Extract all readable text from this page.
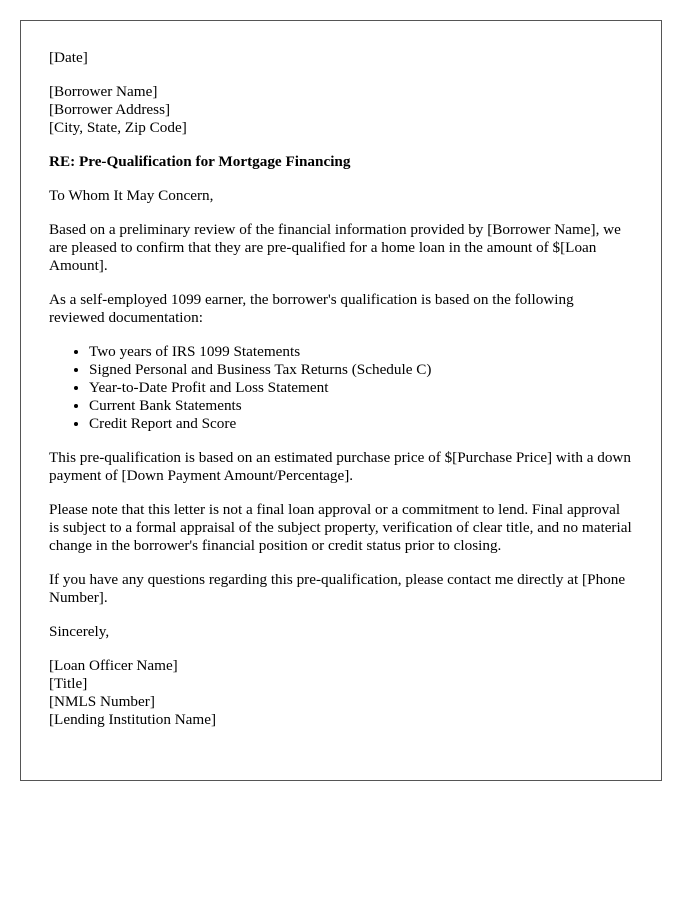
[Date]
[Borrower Name]
[Borrower Address]
[City, State, Zip Code]
RE: Pre-Qualification for Mortgage Financing

To Whom It May Concern,

Based on a preliminary review of the financial information provided by [Borrower Name], we are pleased to confirm that they are pre-qualified for a home loan in the amount of $[Loan Amount].

As a self-employed 1099 earner, the borrower's qualification is based on the following reviewed documentation:

• Two years of IRS 1099 Statements
• Signed Personal and Business Tax Returns (Schedule C)
• Year-to-Date Profit and Loss Statement
• Current Bank Statements
• Credit Report and Score

This pre-qualification is based on an estimated purchase price of $[Purchase Price] with a down payment of [Down Payment Amount/Percentage].

Please note that this letter is not a final loan approval or a commitment to lend. Final approval is subject to a formal appraisal of the subject property, verification of clear title, and no material change in the borrower's financial position or credit status prior to closing.

If you have any questions regarding this pre-qualification, please contact me directly at [Phone Number].

Sincerely,

[Loan Officer Name]
[Title]
[NMLS Number]
[Lending Institution Name]
